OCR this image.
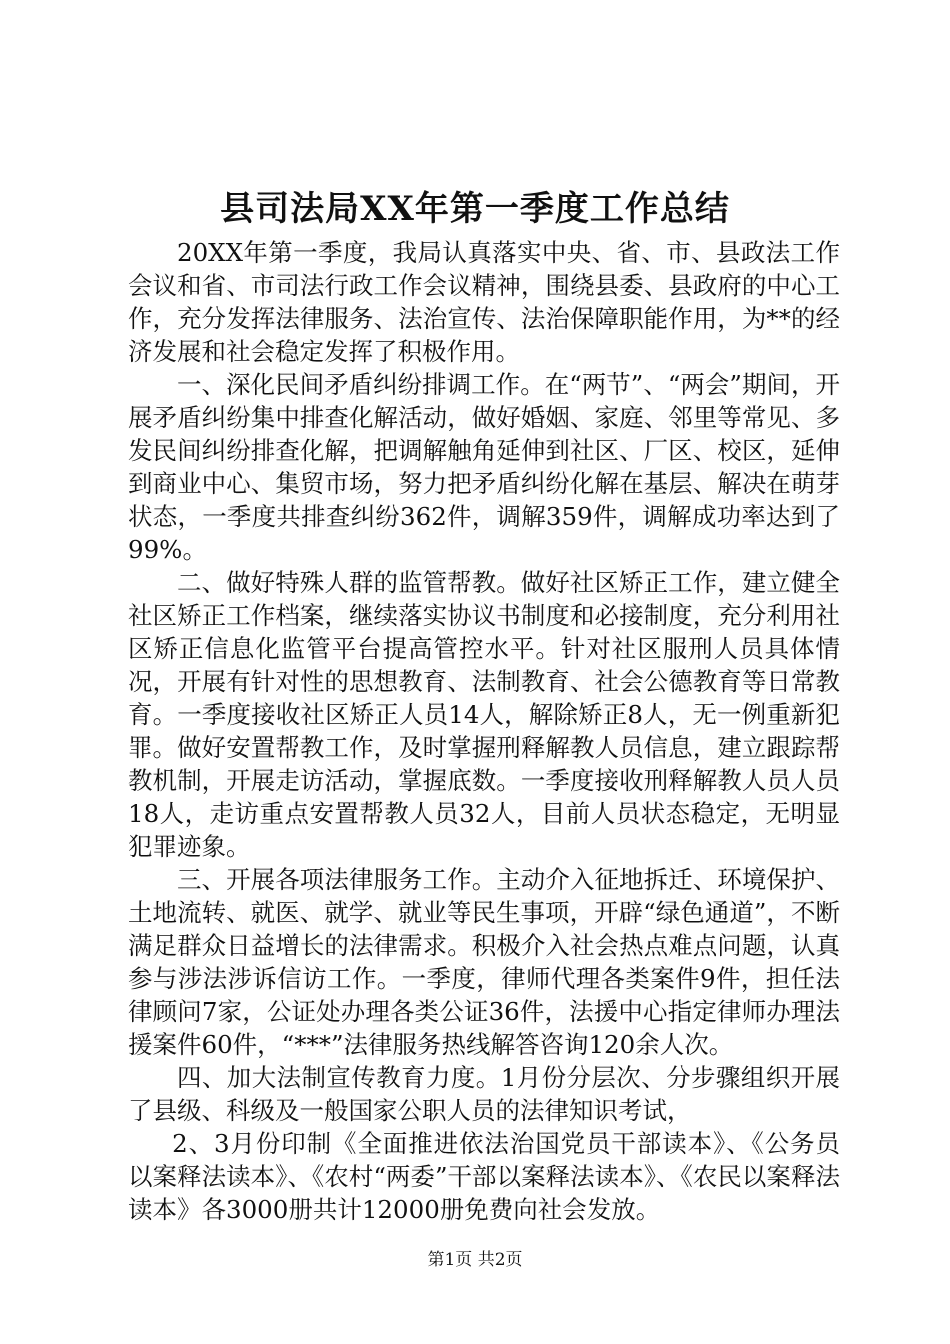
县司法局XX年第一季度工作总结

20XX年第一季度，我局认真落实中央、省、市、县政法工作会议和省、市司法行政工作会议精神，围绕县委、县政府的中心工作，充分发挥法律服务、法治宣传、法治保障职能作用，为**的经济发展和社会稳定发挥了积极作用。

一、深化民间矛盾纠纷排调工作。在“两节”、“两会”期间，开展矛盾纠纷集中排查化解活动，做好婚姻、家庭、邻里等常见、多发民间纠纷排查化解，把调解触角延伸到社区、厂区、校区，延伸到商业中心、集贸市场，努力把矛盾纠纷化解在基层、解决在萌芽状态，一季度共排查纠纷362件，调解359件，调解成功率达到了99%。

二、做好特殊人群的监管帮教。做好社区矫正工作，建立健全社区矫正工作档案，继续落实协议书制度和必接制度，充分利用社区矫正信息化监管平台提高管控水平。针对社区服刑人员具体情况，开展有针对性的思想教育、法制教育、社会公德教育等日常教育。一季度接收社区矫正人员14人，解除矫正8人，无一例重新犯罪。做好安置帮教工作，及时掌握刑释解教人员信息，建立跟踪帮教机制，开展走访活动，掌握底数。一季度接收刑释解教人员人员18人，走访重点安置帮教人员32人，目前人员状态稳定，无明显犯罪迹象。

三、开展各项法律服务工作。主动介入征地拆迁、环境保护、土地流转、就医、就学、就业等民生事项，开辟“绿色通道”，不断满足群众日益增长的法律需求。积极介入社会热点难点问题，认真参与涉法涉诉信访工作。一季度，律师代理各类案件9件，担任法律顾问7家，公证处办理各类公证36件，法援中心指定律师办理法援案件60件，“***”法律服务热线解答咨询120余人次。

四、加大法制宣传教育力度。1月份分层次、分步骤组织开展了县级、科级及一般国家公职人员的法律知识考试，

2、3月份印制《全面推进依法治国党员干部读本》、《公务员以案释法读本》、《农村“两委”干部以案释法读本》、《农民以案释法读本》各3000册共计12000册免费向社会发放。

第1页 共2页
